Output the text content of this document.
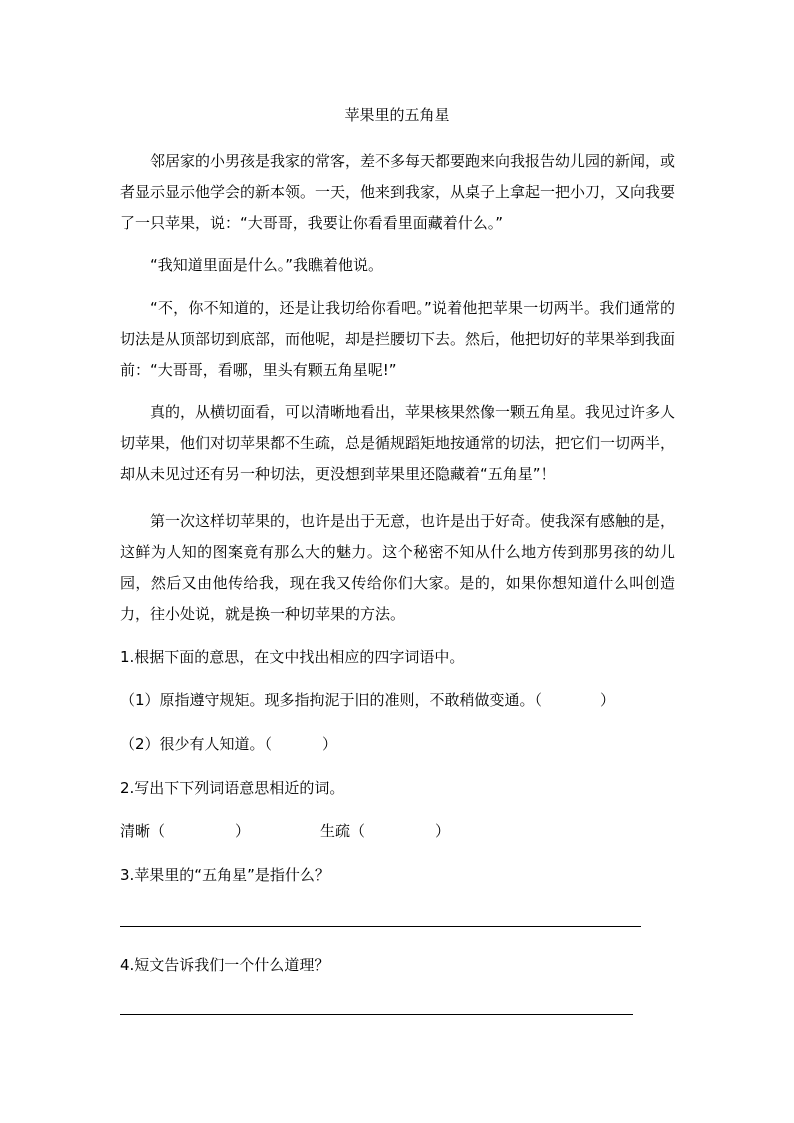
苹果里的五角星

邻居家的小男孩是我家的常客，差不多每天都要跑来向我报告幼儿园的新闻，或者显示显示他学会的新本领。一天，他来到我家，从桌子上拿起一把小刀，又向我要了一只苹果，说：“大哥哥，我要让你看看里面藏着什么。”

“我知道里面是什么。”我瞧着他说。

“不，你不知道的，还是让我切给你看吧。”说着他把苹果一切两半。我们通常的切法是从顶部切到底部，而他呢，却是拦腰切下去。然后，他把切好的苹果举到我面前：“大哥哥，看哪，里头有颗五角星呢!”

真的，从横切面看，可以清晰地看出，苹果核果然像一颗五角星。我见过许多人切苹果，他们对切苹果都不生疏，总是循规蹈矩地按通常的切法，把它们一切两半，却从未见过还有另一种切法，更没想到苹果里还隐藏着“五角星”！

第一次这样切苹果的，也许是出于无意，也许是出于好奇。使我深有感触的是，这鲜为人知的图案竟有那么大的魅力。这个秘密不知从什么地方传到那男孩的幼儿园，然后又由他传给我，现在我又传给你们大家。是的，如果你想知道什么叫创造力，往小处说，就是换一种切苹果的方法。

1.根据下面的意思，在文中找出相应的四字词语中。
（1）原指遵守规矩。现多指拘泥于旧的准则，不敢稍做变通。（	）
（2）很少有人知道。（	）
2.写出下下列词语意思相近的词。
清晰（	）	生疏（	）
3.苹果里的“五角星”是指什么？
4.短文告诉我们一个什么道理？
